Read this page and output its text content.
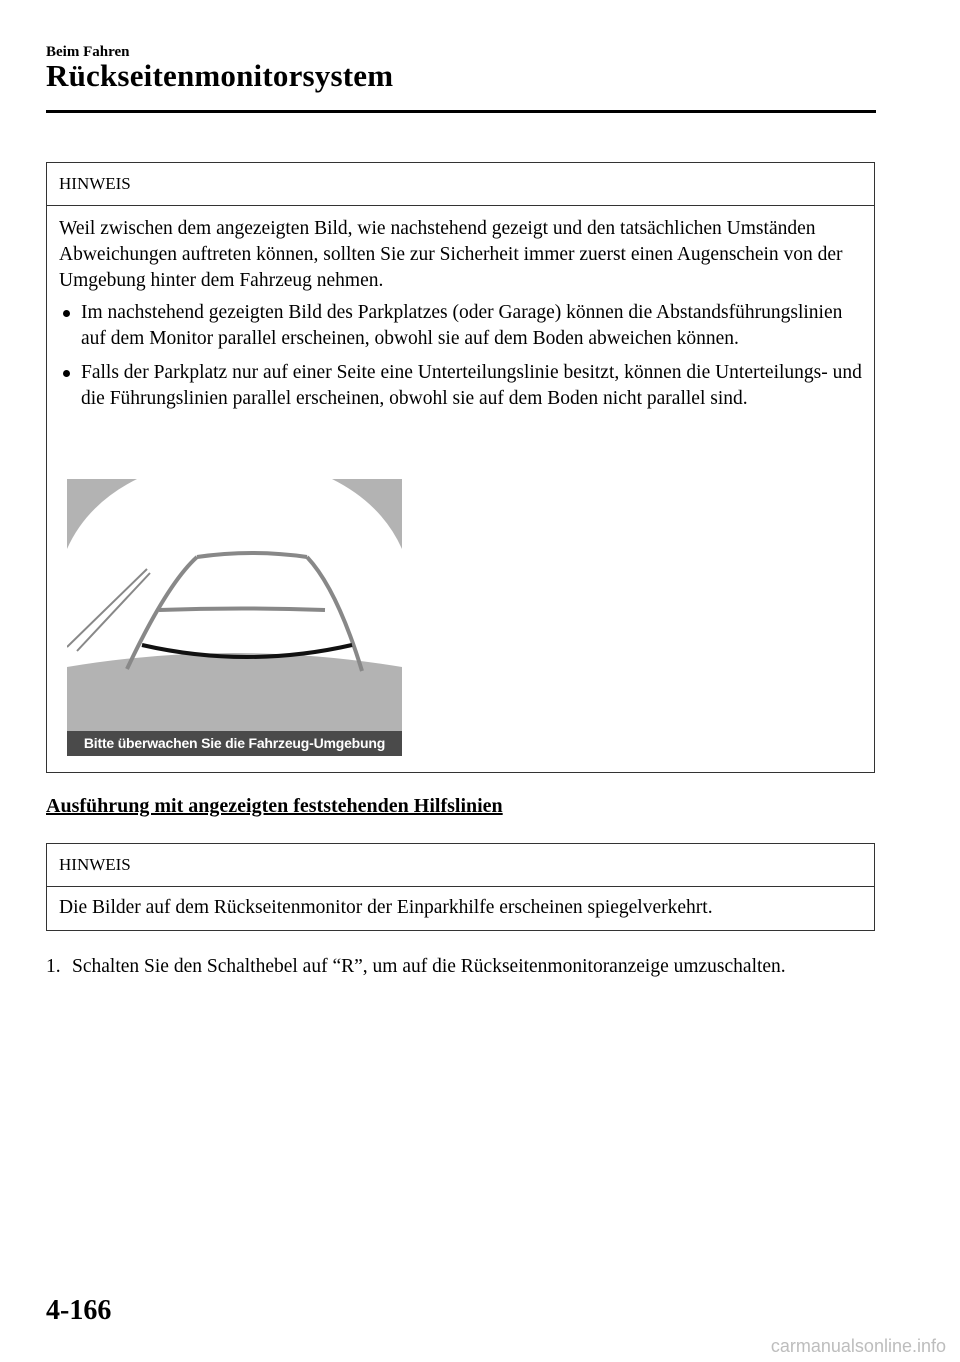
Beim Fahren
Rückseitenmonitorsystem
HINWEIS

Weil zwischen dem angezeigten Bild, wie nachstehend gezeigt und den tatsächlichen Umständen Abweichungen auftreten können, sollten Sie zur Sicherheit immer zuerst einen Augenschein von der Umgebung hinter dem Fahrzeug nehmen.

Im nachstehend gezeigten Bild des Parkplatzes (oder Garage) können die Abstandsführungslinien auf dem Monitor parallel erscheinen, obwohl sie auf dem Boden abweichen können.
Falls der Parkplatz nur auf einer Seite eine Unterteilungslinie besitzt, können die Unterteilungs- und die Führungslinien parallel erscheinen, obwohl sie auf dem Boden nicht parallel sind.
Bitte überwachen Sie die Fahrzeug-Umgebung
Ausführung mit angezeigten feststehenden Hilfslinien
HINWEIS

Die Bilder auf dem Rückseitenmonitor der Einparkhilfe erscheinen spiegelverkehrt.

1. Schalten Sie den Schalthebel auf “R”, um auf die Rückseitenmonitoranzeige umzuschalten.
4-166
carmanualsonline.info
